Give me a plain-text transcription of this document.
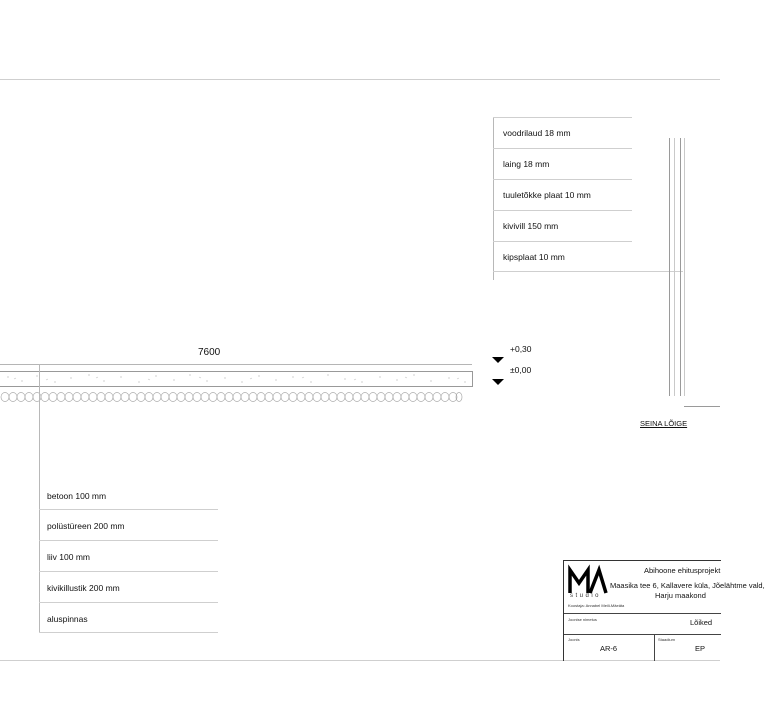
voodrilaud 18 mm
laing 18 mm
tuuletõkke plaat 10 mm
kivivill 150 mm
kipsplaat 10 mm
SEINA LÕIGE
7600	+0,30
±0,00
betoon 100 mm
polüstüreen 200 mm
liiv 100 mm
kivikillustik 200 mm
aluspinnas
studio
Koostaja: Annabel Meili-Mäeäta
Abihoone ehitusprojekt
Maasika tee 6, Kallavere küla, Jõelähtme vald,
Harju maakond
Joonise nimetus	Lõiked
Joonis
AR-6
Staadium
EP
